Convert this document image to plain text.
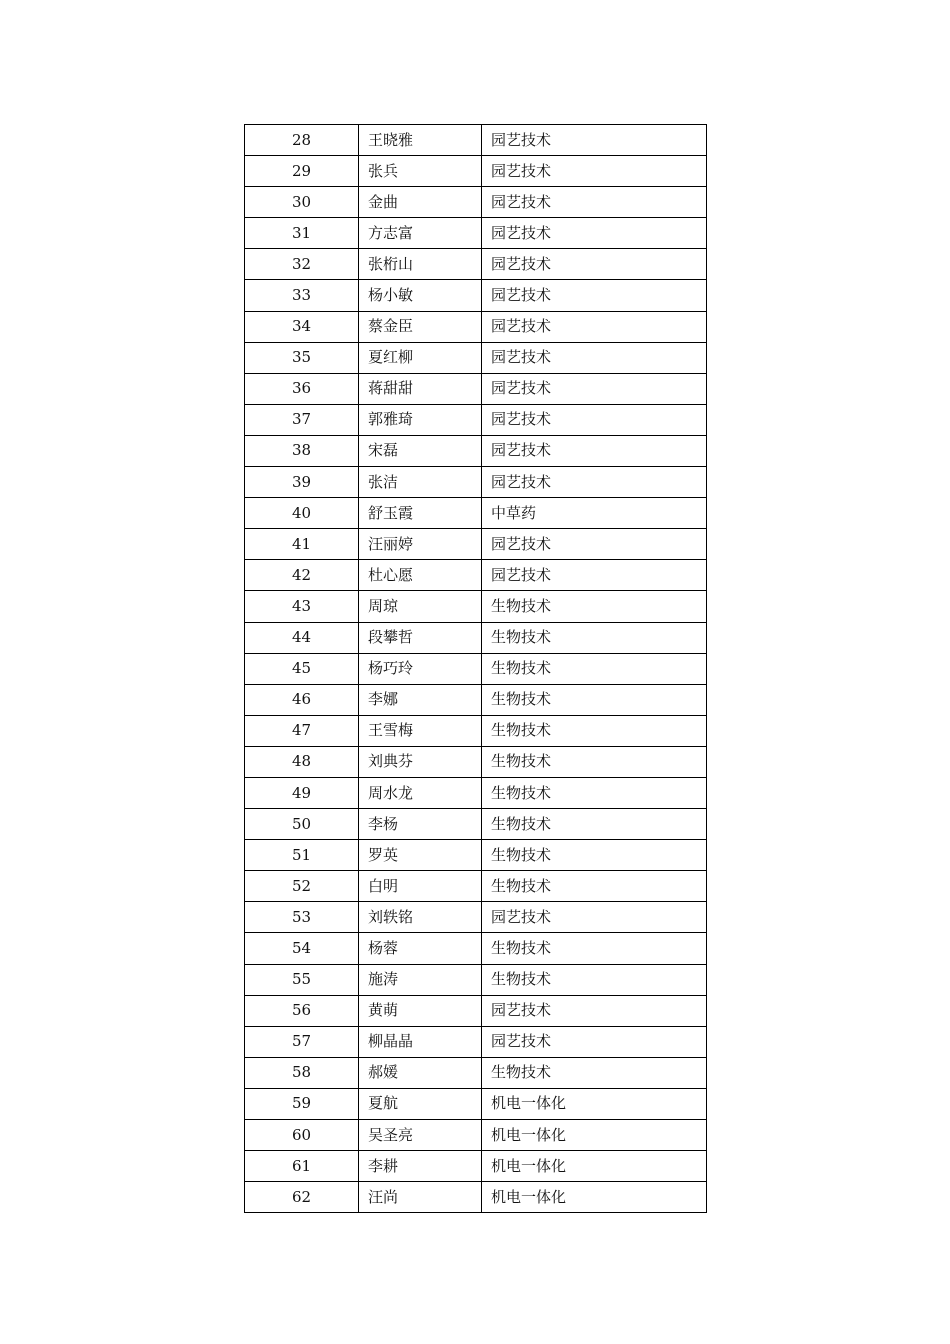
28	王晓雅	园艺技术
29	张兵	园艺技术
30	金曲	园艺技术
31	方志富	园艺技术
32	张桁山	园艺技术
33	杨小敏	园艺技术
34	蔡金臣	园艺技术
35	夏红柳	园艺技术
36	蒋甜甜	园艺技术
37	郭雅琦	园艺技术
38	宋磊	园艺技术
39	张洁	园艺技术
40	舒玉霞	中草药
41	汪丽婷	园艺技术
42	杜心愿	园艺技术
43	周琼	生物技术
44	段攀哲	生物技术
45	杨巧玲	生物技术
46	李娜	生物技术
47	王雪梅	生物技术
48	刘典芬	生物技术
49	周水龙	生物技术
50	李杨	生物技术
51	罗英	生物技术
52	白明	生物技术
53	刘轶铭	园艺技术
54	杨蓉	生物技术
55	施涛	生物技术
56	黄萌	园艺技术
57	柳晶晶	园艺技术
58	郝媛	生物技术
59	夏航	机电一体化
60	吴圣亮	机电一体化
61	李耕	机电一体化
62	汪尚	机电一体化
